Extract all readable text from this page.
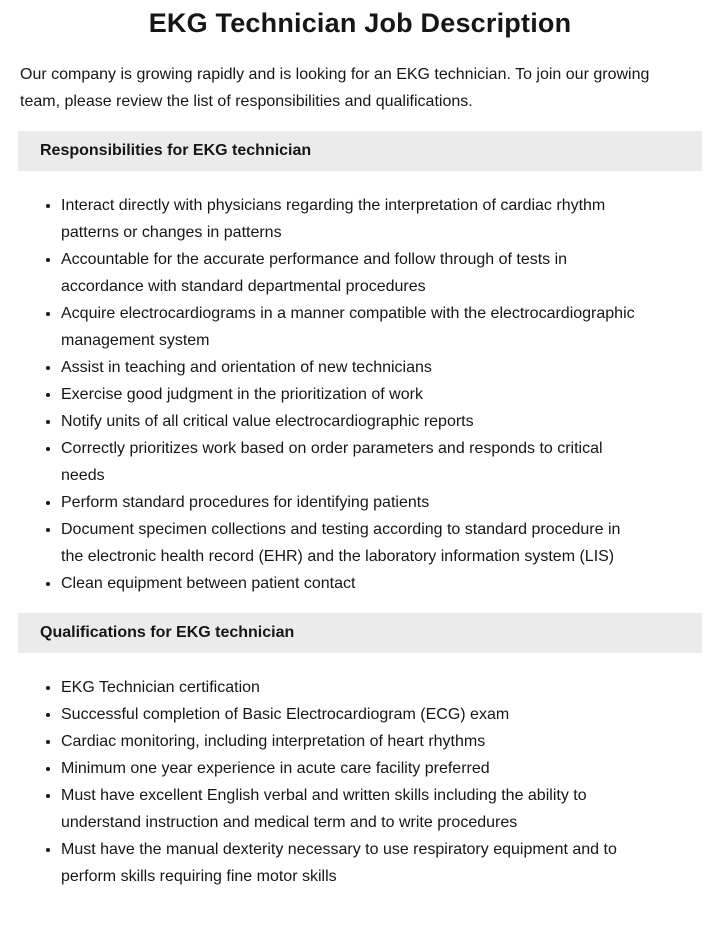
EKG Technician Job Description

Our company is growing rapidly and is looking for an EKG technician. To join our growing team, please review the list of responsibilities and qualifications.

Responsibilities for EKG technician
• Interact directly with physicians regarding the interpretation of cardiac rhythm patterns or changes in patterns
• Accountable for the accurate performance and follow through of tests in accordance with standard departmental procedures
• Acquire electrocardiograms in a manner compatible with the electrocardiographic management system
• Assist in teaching and orientation of new technicians
• Exercise good judgment in the prioritization of work
• Notify units of all critical value electrocardiographic reports
• Correctly prioritizes work based on order parameters and responds to critical needs
• Perform standard procedures for identifying patients
• Document specimen collections and testing according to standard procedure in the electronic health record (EHR) and the laboratory information system (LIS)
• Clean equipment between patient contact
Qualifications for EKG technician
• EKG Technician certification
• Successful completion of Basic Electrocardiogram (ECG) exam
• Cardiac monitoring, including interpretation of heart rhythms
• Minimum one year experience in acute care facility preferred
• Must have excellent English verbal and written skills including the ability to understand instruction and medical term and to write procedures
• Must have the manual dexterity necessary to use respiratory equipment and to perform skills requiring fine motor skills
